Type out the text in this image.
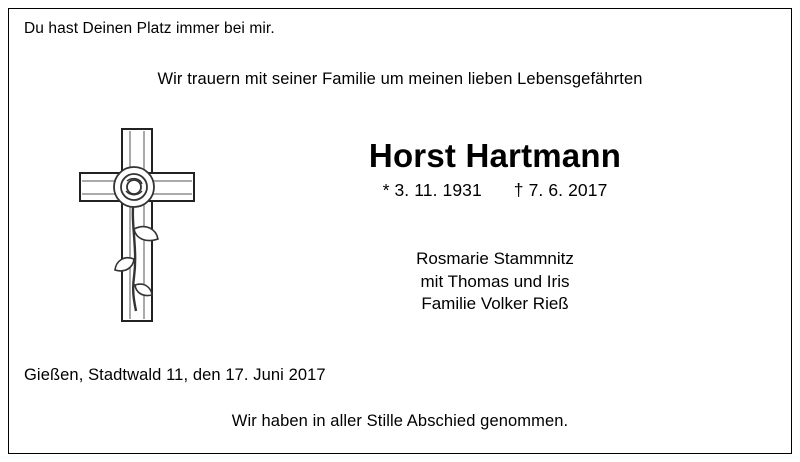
Du hast Deinen Platz immer bei mir.
Wir trauern mit seiner Familie um meinen lieben Lebensgefährten
Horst Hartmann
* 3. 11. 1931 † 7. 6. 2017
Rosmarie Stammnitz
mit Thomas und Iris
Familie Volker Rieß
Gießen, Stadtwald 11, den 17. Juni 2017
Wir haben in aller Stille Abschied genommen.
